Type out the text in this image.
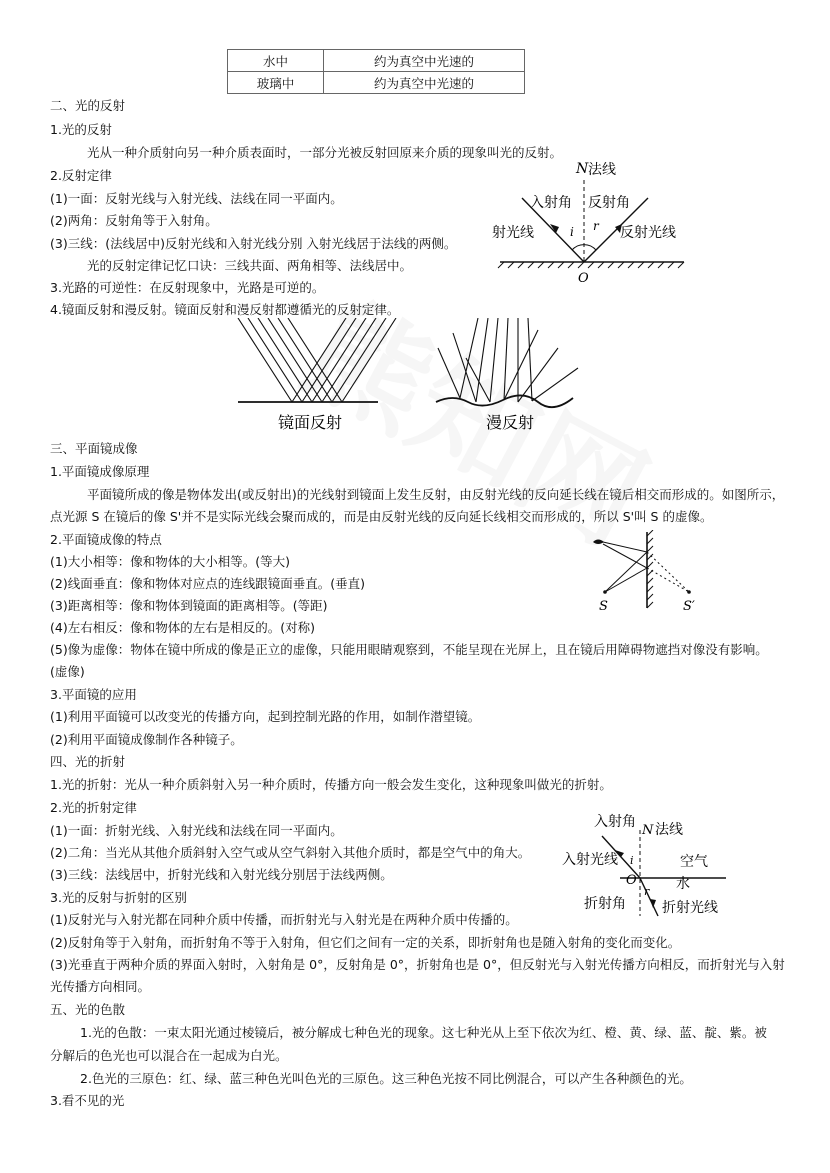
水中	约为真空中光速的
玻璃中	约为真空中光速的
二、光的反射
1.光的反射
光从一种介质射向另一种介质表面时，一部分光被反射回原来介质的现象叫光的反射。
2.反射定律
(1)一面：反射光线与入射光线、法线在同一平面内。
(2)两角：反射角等于入射角。
(3)三线：(法线居中)反射光线和入射光线分别 入射光线居于法线的两侧。
光的反射定律记忆口诀：三线共面、两角相等、法线居中。
3.光路的可逆性：在反射现象中，光路是可逆的。
4.镜面反射和漫反射。镜面反射和漫反射都遵循光的反射定律。
N 法线
入射角 反射角
射光线	反射光线
i r
O
镜面反射	漫反射
三、平面镜成像
1.平面镜成像原理
平面镜所成的像是物体发出(或反射出)的光线射到镜面上发生反射，由反射光线的反向延长线在镜后相交而形成的。如图所示，
点光源 S 在镜后的像 S'并不是实际光线会聚而成的，而是由反射光线的反向延长线相交而形成的，所以 S'叫 S 的虚像。
2.平面镜成像的特点
(1)大小相等：像和物体的大小相等。(等大)
(2)线面垂直：像和物体对应点的连线跟镜面垂直。(垂直)
(3)距离相等：像和物体到镜面的距离相等。(等距)
(4)左右相反：像和物体的左右是相反的。(对称)
(5)像为虚像：物体在镜中所成的像是正立的虚像，只能用眼睛观察到，不能呈现在光屏上，且在镜后用障碍物遮挡对像没有影响。
(虚像)
3.平面镜的应用
(1)利用平面镜可以改变光的传播方向，起到控制光路的作用，如制作潜望镜。
(2)利用平面镜成像制作各种镜子。
S	S′
四、光的折射
1.光的折射：光从一种介质斜射入另一种介质时，传播方向一般会发生变化，这种现象叫做光的折射。
2.光的折射定律
(1)一面：折射光线、入射光线和法线在同一平面内。
(2)二角：当光从其他介质斜射入空气或从空气斜射入其他介质时，都是空气中的角大。
(3)三线：法线居中，折射光线和入射光线分别居于法线两侧。
3.光的反射与折射的区别
(1)反射光与入射光都在同种介质中传播，而折射光与入射光是在两种介质中传播的。
(2)反射角等于入射角，而折射角不等于入射角，但它们之间有一定的关系，即折射角也是随入射角的变化而变化。
(3)光垂直于两种介质的界面入射时，入射角是 0°，反射角是 0°，折射角也是 0°，但反射光与入射光传播方向相反，而折射光与入射
光传播方向相同。
入射角
N 法线
入射光线 i	空气
O	水
折射角
r
折射光线
五、光的色散
1.光的色散：一束太阳光通过棱镜后，被分解成七种色光的现象。这七种光从上至下依次为红、橙、黄、绿、蓝、靛、紫。被
分解后的色光也可以混合在一起成为白光。
2.色光的三原色：红、绿、蓝三种色光叫色光的三原色。这三种色光按不同比例混合，可以产生各种颜色的光。
3.看不见的光
